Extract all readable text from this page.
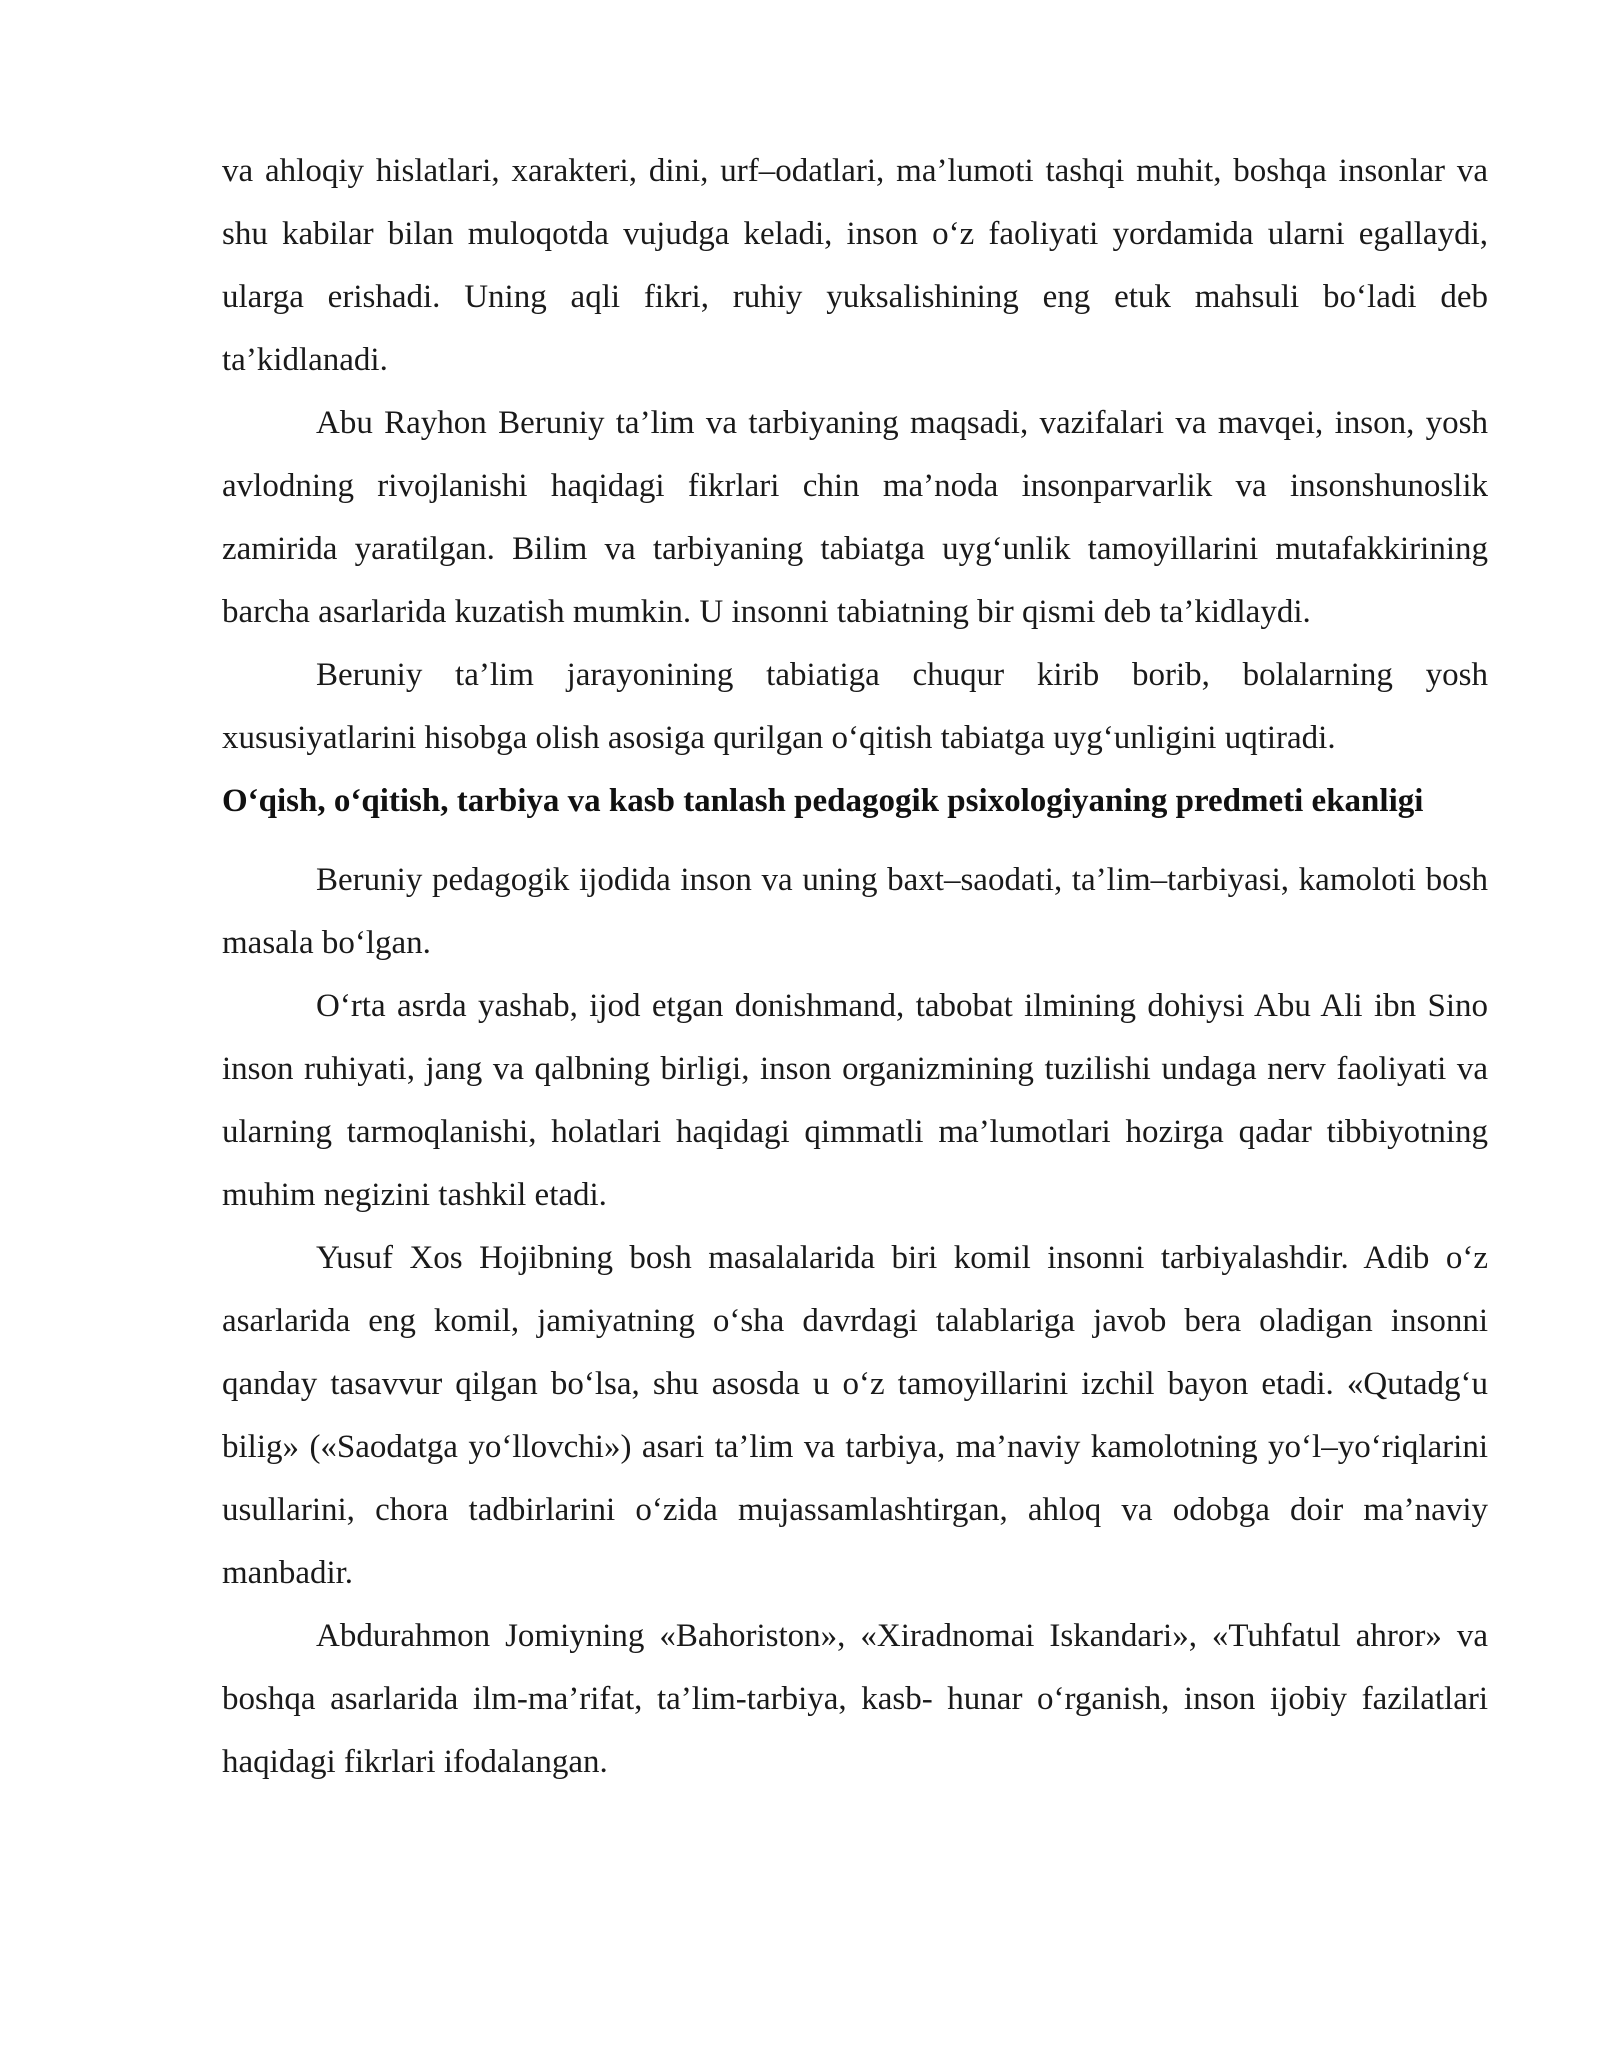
va ahloqiy hislatlari, xarakteri, dini, urf–odatlari, ma’lumoti tashqi muhit, boshqa insonlar va shu kabilar bilan muloqotda vujudga keladi, inson o‘z faoliyati yordamida ularni egallaydi, ularga erishadi. Uning aqli fikri, ruhiy yuksalishining eng etuk mahsuli bo‘ladi deb ta’kidlanadi.

Abu Rayhon Beruniy ta’lim va tarbiyaning maqsadi, vazifalari va mavqei, inson, yosh avlodning rivojlanishi haqidagi fikrlari chin ma’noda insonparvarlik va insonshunoslik zamirida yaratilgan. Bilim va tarbiyaning tabiatga uyg‘unlik tamoyillarini mutafakkirining barcha asarlarida kuzatish mumkin. U insonni tabiatning bir qismi deb ta’kidlaydi.

Beruniy ta’lim jarayonining tabiatiga chuqur kirib borib, bolalarning yosh xususiyatlarini hisobga olish asosiga qurilgan o‘qitish tabiatga uyg‘unligini uqtiradi.

O‘qish, o‘qitish, tarbiya va kasb tanlash pedagogik psixologiyaning predmeti ekanligi

Beruniy pedagogik ijodida inson va uning baxt–saodati, ta’lim–tarbiyasi, kamoloti bosh masala bo‘lgan.

O‘rta asrda yashab, ijod etgan donishmand, tabobat ilmining dohiysi Abu Ali ibn Sino inson ruhiyati, jang va qalbning birligi, inson organizmining tuzilishi undaga nerv faoliyati va ularning tarmoqlanishi, holatlari haqidagi qimmatli ma’lumotlari hozirga qadar tibbiyotning muhim negizini tashkil etadi.

Yusuf Xos Hojibning bosh masalalarida biri komil insonni tarbiyalashdir. Adib o‘z asarlarida eng komil, jamiyatning o‘sha davrdagi talablariga javob bera oladigan insonni qanday tasavvur qilgan bo‘lsa, shu asosda u o‘z tamoyillarini izchil bayon etadi. «Qutadg‘u bilig» («Saodatga yo‘llovchi») asari ta’lim va tarbiya, ma’naviy kamolotning yo‘l–yo‘riqlarini usullarini, chora tadbirlarini o‘zida mujassamlashtirgan, ahloq va odobga doir ma’naviy manbadir.

Abdurahmon Jomiyning «Bahoriston», «Xiradnomai Iskandari», «Tuhfatul ahror» va boshqa asarlarida ilm-ma’rifat, ta’lim-tarbiya, kasb- hunar o‘rganish, inson ijobiy fazilatlari haqidagi fikrlari ifodalangan.
